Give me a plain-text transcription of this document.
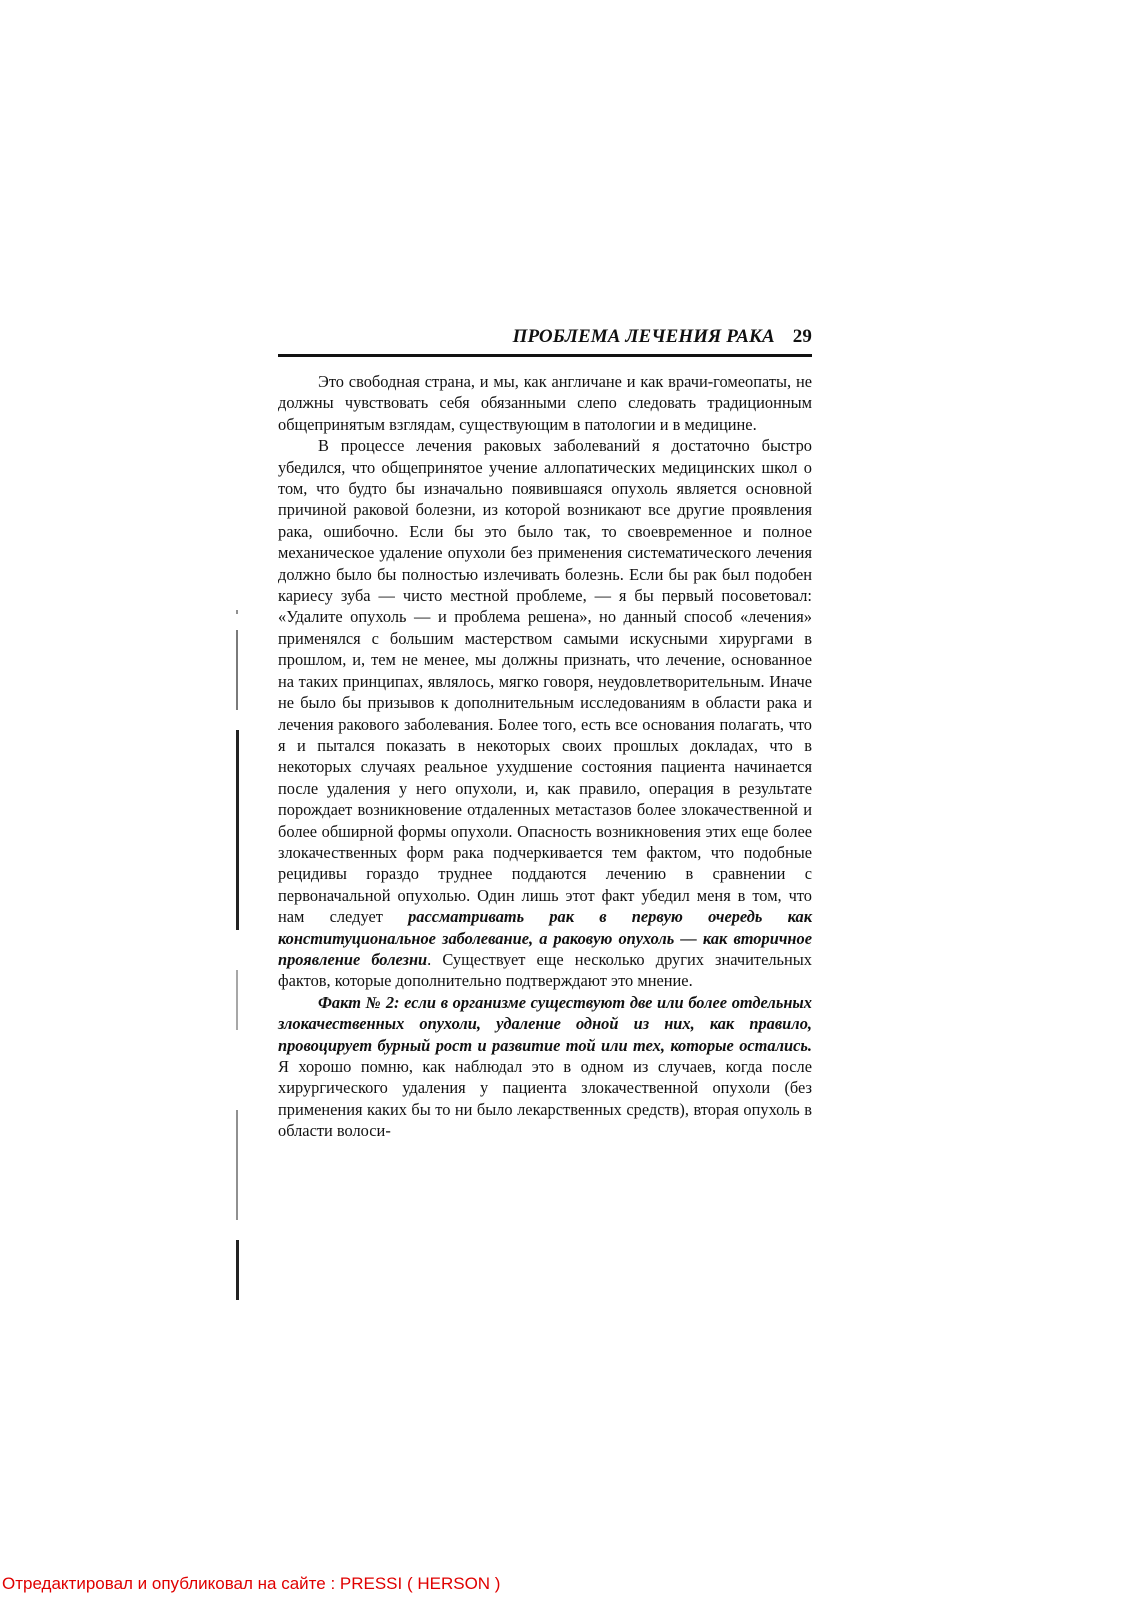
ПРОБЛЕМА ЛЕЧЕНИЯ РАКА 29

Это свободная страна, и мы, как англичане и как врачи-гомеопаты, не должны чувствовать себя обязанными слепо следовать традиционным общепринятым взглядам, существующим в патологии и в медицине.

В процессе лечения раковых заболеваний я достаточно быстро убедился, что общепринятое учение аллопатических медицинских школ о том, что будто бы изначально появившаяся опухоль является основной причиной раковой болезни, из которой возникают все другие проявления рака, ошибочно. Если бы это было так, то своевременное и полное механическое удаление опухоли без применения систематического лечения должно было бы полностью излечивать болезнь. Если бы рак был подобен кариесу зуба — чисто местной проблеме, — я бы первый посоветовал: «Удалите опухоль — и проблема решена», но данный способ «лечения» применялся с большим мастерством самыми искусными хирургами в прошлом, и, тем не менее, мы должны признать, что лечение, основанное на таких принципах, являлось, мягко говоря, неудовлетворительным. Иначе не было бы призывов к дополнительным исследованиям в области рака и лечения ракового заболевания. Более того, есть все основания полагать, что я и пытался показать в некоторых своих прошлых докладах, что в некоторых случаях реальное ухудшение состояния пациента начинается после удаления у него опухоли, и, как правило, операция в результате порождает возникновение отдаленных метастазов более злокачественной и более обширной формы опухоли. Опасность возникновения этих еще более злокачественных форм рака подчеркивается тем фактом, что подобные рецидивы гораздо труднее поддаются лечению в сравнении с первоначальной опухолью. Один лишь этот факт убедил меня в том, что нам следует рассматривать рак в первую очередь как конституциональное заболевание, а раковую опухоль — как вторичное проявление болезни. Существует еще несколько других значительных фактов, которые дополнительно подтверждают это мнение.

Факт № 2: если в организме существуют две или более отдельных злокачественных опухоли, удаление одной из них, как правило, провоцирует бурный рост и развитие той или тех, которые остались. Я хорошо помню, как наблюдал это в одном из случаев, когда после хирургического удаления у пациента злокачественной опухоли (без применения каких бы то ни было лекарственных средств), вторая опухоль в области волоси-

Отредактировал и опубликовал на сайте : PRESSI ( HERSON )
